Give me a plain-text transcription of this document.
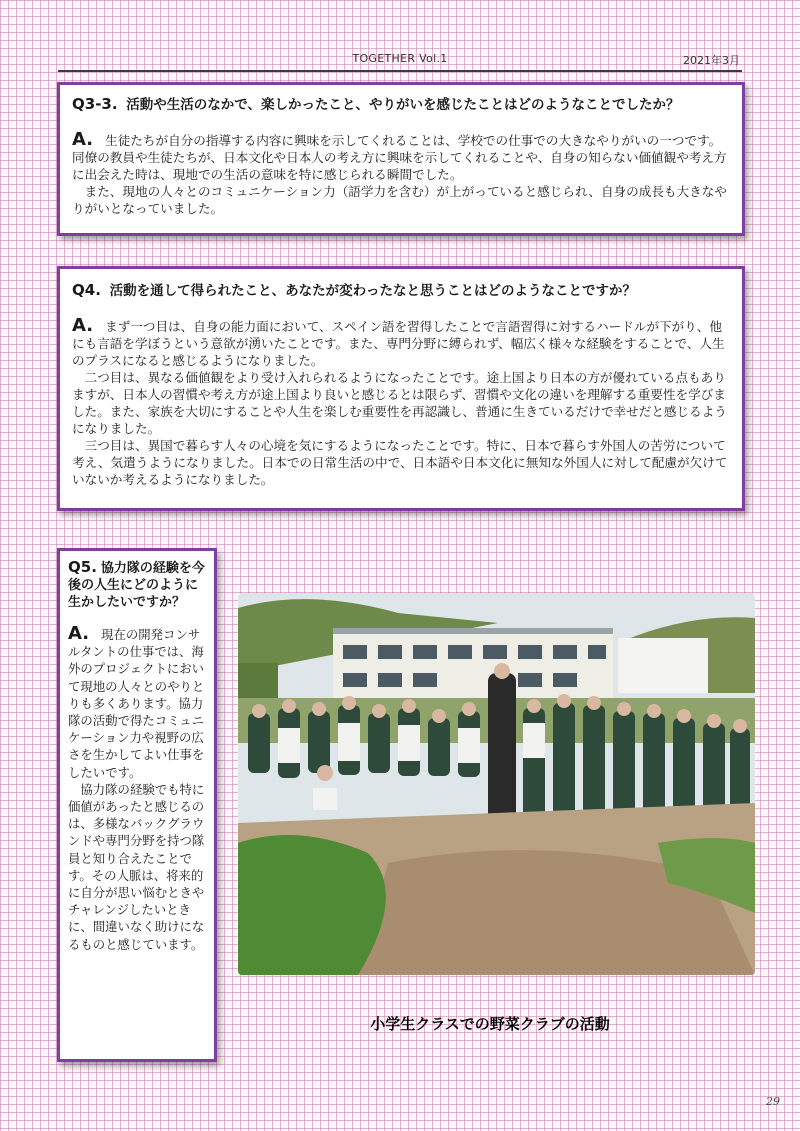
TOGETHER Vol.1	2021年3月
Q3-3. 活動や生活のなかで、楽しかったこと、やりがいを感じたことはどのようなことでしたか？

A. 生徒たちが自分の指導する内容に興味を示してくれることは、学校での仕事での大きなやりがいの一つです。同僚の教員や生徒たちが、日本文化や日本人の考え方に興味を示してくれることや、自身の知らない価値観や考え方に出会えた時は、現地での生活の意味を特に感じられる瞬間でした。

また、現地の人々とのコミュニケーション力（語学力を含む）が上がっていると感じられ、自身の成長も大きなやりがいとなっていました。

Q4. 活動を通して得られたこと、あなたが変わったなと思うことはどのようなことですか？

A. まず一つ目は、自身の能力面において、スペイン語を習得したことで言語習得に対するハードルが下がり、他にも言語を学ぼうという意欲が湧いたことです。また、専門分野に縛られず、幅広く様々な経験をすることで、人生のプラスになると感じるようになりました。

二つ目は、異なる価値観をより受け入れられるようになったことです。途上国より日本の方が優れている点もありますが、日本人の習慣や考え方が途上国より良いと感じるとは限らず、習慣や文化の違いを理解する重要性を学びました。また、家族を大切にすることや人生を楽しむ重要性を再認識し、普通に生きているだけで幸せだと感じるようになりました。

三つ目は、異国で暮らす人々の心境を気にするようになったことです。特に、日本で暮らす外国人の苦労について考え、気遣うようになりました。日本での日常生活の中で、日本語や日本文化に無知な外国人に対して配慮が欠けていないか考えるようになりました。

Q5. 協力隊の経験を今後の人生にどのように生かしたいですか？

A. 現在の開発コンサルタントの仕事では、海外のプロジェクトにおいて現地の人々とのやりとりも多くあります。協力隊の活動で得たコミュニケーション力や視野の広さを生かしてよい仕事をしたいです。

協力隊の経験でも特に価値があったと感じるのは、多様なバックグラウンドや専門分野を持つ隊員と知り合えたことです。その人脈は、将来的に自分が思い悩むときやチャレンジしたいときに、間違いなく助けになるものと感じています。

小学生クラスでの野菜クラブの活動
29
